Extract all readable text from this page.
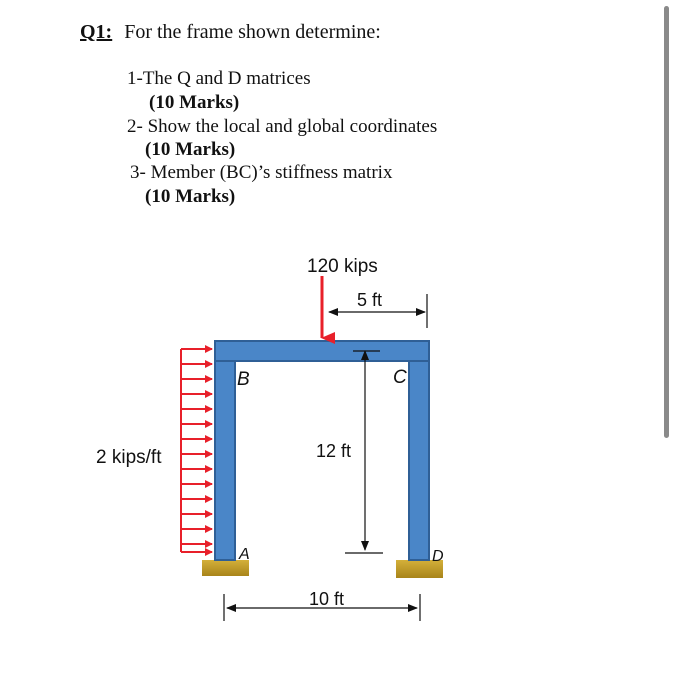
Q1: For the frame shown determine:
1-The Q and D matrices
(10 Marks)
2- Show the local and global coordinates
(10 Marks)
3- Member (BC)’s stiffness matrix
(10 Marks)
2 kips/ft
120 kips
5 ft
12 ft
10 ft
B	C
A	D
